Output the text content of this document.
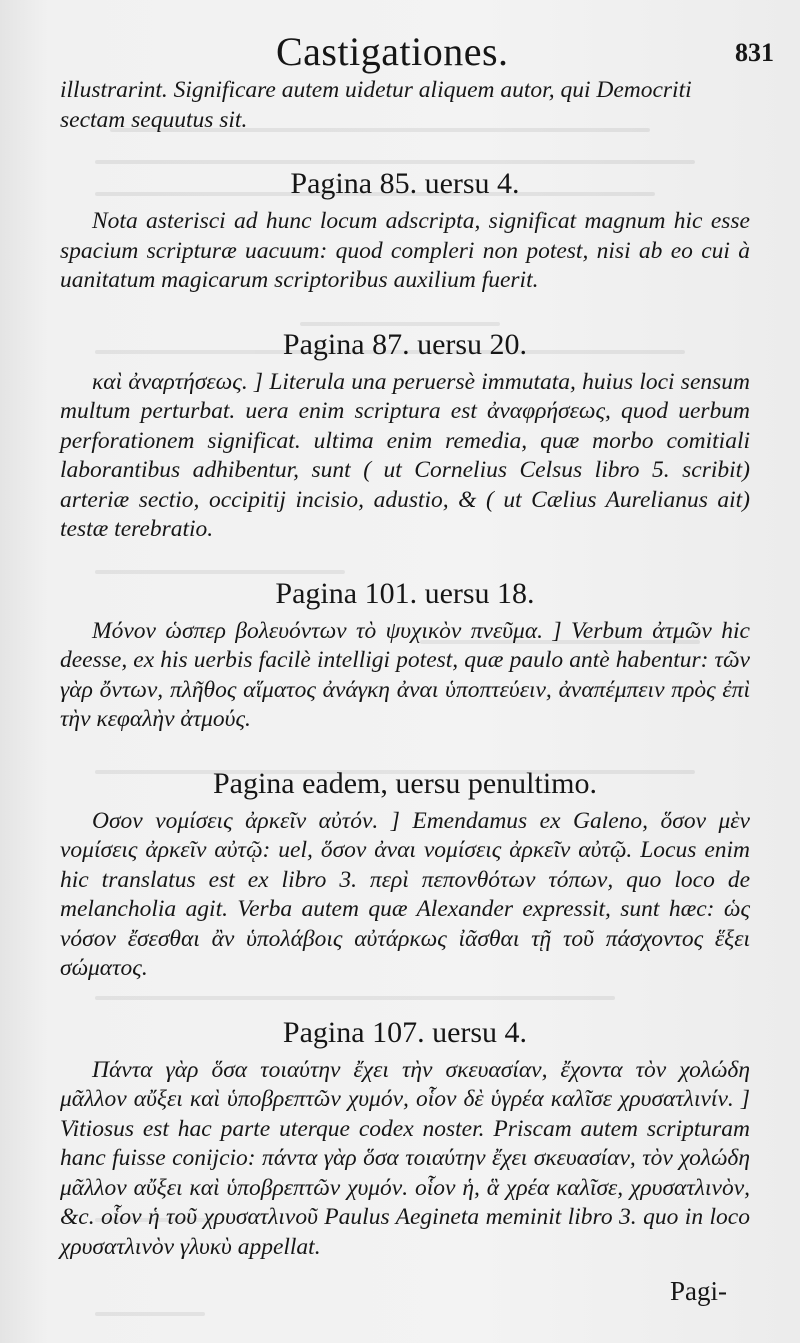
Castigationes.	831

illustrarint. Significare autem uidetur aliquem autor, qui Democriti sectam sequutus sit.

Pagina 85. uersu 4.

Nota asterisci ad hunc locum adscripta, significat magnum hic esse spacium scripturæ uacuum: quod compleri non potest, nisi ab eo cui à uanitatum magicarum scriptoribus auxilium fuerit.

Pagina 87. uersu 20.

καὶ ἀναρτήσεως. ] Literula una peruersè immutata, huius loci sensum multum perturbat. uera enim scriptura est ἀναφρήσεως, quod uerbum perforationem significat. ultima enim remedia, quæ morbo comitiali laborantibus adhibentur, sunt ( ut Cornelius Celsus libro 5. scribit) arteriæ sectio, occipitij incisio, adustio, & ( ut Cælius Aurelianus ait) testæ terebratio.

Pagina 101. uersu 18.

Μόνον ὡσπερ βολευόντων τὸ ψυχικὸν πνεῦμα. ] Verbum ἀτμῶν hic deesse, ex his uerbis facilè intelligi potest, quæ paulo antè habentur: τῶν γὰρ ὄντων, πλῆθος αἵματος ἀνάγκη ἀναι ὑποπτεύειν, ἀναπέμπειν πρὸς ἐπὶ τὴν κεφαλὴν ἀτμούς.

Pagina eadem, uersu penultimo.

Οσον νομίσεις ἀρκεῖν αὐτόν. ] Emendamus ex Galeno, ὅσον μὲν νομίσεις ἀρκεῖν αὐτῷ: uel, ὅσον ἀναι νομίσεις ἀρκεῖν αὐτῷ. Locus enim hic translatus est ex libro 3. περὶ πεπονθότων τόπων, quo loco de melancholia agit. Verba autem quæ Alexander expressit, sunt hæc: ὡς νόσον ἔσεσθαι ἂν ὑπολάβοις αὐτάρκως ἰᾶσθαι τῇ τοῦ πάσχοντος ἕξει σώματος.

Pagina 107. uersu 4.

Πάντα γὰρ ὅσα τοιαύτην ἔχει τὴν σκευασίαν, ἔχοντα τὸν χολώδη μᾶλλον αὔξει καὶ ὑποβρεπτῶν χυμόν, οἷον δὲ ὑγρέα καλῖσε χρυσατλινίν. ] Vitiosus est hac parte uterque codex noster. Priscam autem scripturam hanc fuisse conijcio: πάντα γὰρ ὅσα τοιαύτην ἔχει σκευασίαν, τὸν χολώδη μᾶλλον αὔξει καὶ ὑποβρεπτῶν χυμόν. οἷον ἡ, ἃ χρέα καλῖσε, χρυσατλινὸν, &c. οἷον ἡ τοῦ χρυσατλινοῦ Paulus Aegineta meminit libro 3. quo in loco χρυσατλινὸν γλυκὺ appellat.

Pagi-
